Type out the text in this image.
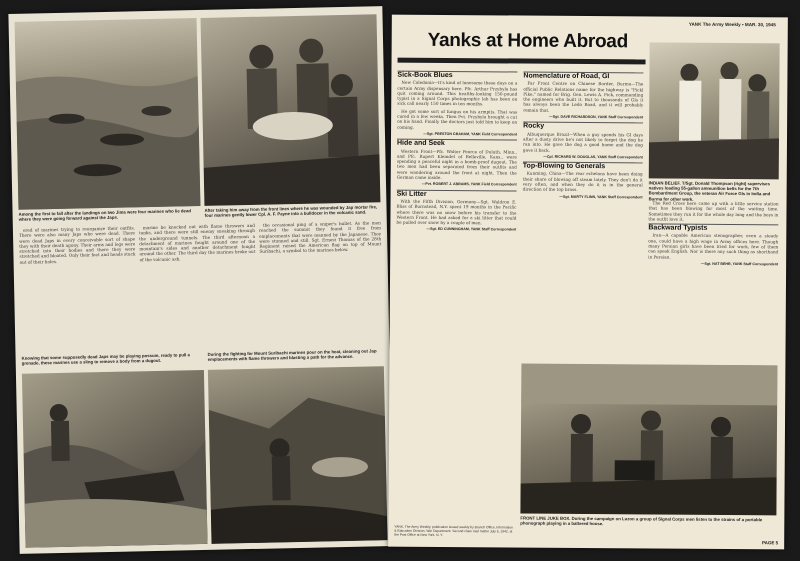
Among the first to fall after the landings on Iwo Jima were four marines who lie dead where they were going forward against the Japs.
After taking him away from the front lines where he was wounded by Jap mortar fire, four marines gently lower Cpl. A. F. Payne into a bulldozer in the volcanic sand.

ered of marines trying to reorganize their outfits. There were also many Japs who were dead. There were dead Japs in every conceivable sort of shape they with their death agony. Their arms and legs were stretched into their bodies and there they were stretched and bloated. Only their feet and heads stuck out of their holes.

marine be knocked out with flame throwers and tanks, and there were still enemy sneaking through the underground tunnels. The third afternoon a detachment of marines fought around one of the mountain's sides and another detachment fought around the other. The third day the marines broke out of the volcanic ash.

the occasional ping of a sniper's bullet. As the men reached the summit they found it free from emplacements that were manned by the Japanese. They were stunned and still. Sgt. Ernest Thomas of the 28th Regiment raised the American flag on top of Mount Suribachi, a symbol to the marines below.

Knowing that some supposedly dead Japs may be playing possum, ready to pull a grenade, these marines use a sling to remove a body from a dugout.
During the fighting for Mount Suribachi marines pour on the heat, cleaning out Jap emplacements with flame throwers and blasting a path for the advance.
YANK The Army Weekly • MAR. 30, 1945
Yanks at Home Abroad
INDIAN BELIEF. T/Sgt. Donald Thompson (right) supervises natives loading 55-gallon ammunition belts for the 7th Bombardment Group, the veteran Air Force GIs in India and Burma for other work.

Sick-Book Blues

New Caledonia—It's kind of lonesome these days on a certain Army dispensary here. Pfc. Arthur Przybyla has quit coming around. This healthy-looking 150-pound typist in a Signal Corps photographic lab has been on sick call nearly 150 times in ten months.

He got some sort of fungus on his armpits. That was cured in a few weeks. Then Pvt. Przybyla brought a cut on his hand. Finally the doctors just told him to keep on coming.

—Sgt. PRESTON GRAHAM, YANK Field Correspondent

Hide and Seek

Western Front—Pfc. Walter Pearce of Duluth, Minn., and Pfc. Rupert Kleindel of Belleville, Kans., were spending a peaceful night in a bomb-proof dugout. The two men had been separated from their outfits and were wandering around the front at night. Then the German came inside.

—Pvt. ROBERT J. ABRAMS, YANK Field Correspondent

Ski Litter

With the Fifth Division, Germany—Sgt. Waldron E. Bliss of Burnstead, N.Y. spent 19 months in the Pacific where there was no snow before his transfer to the Western Front. He had asked for a ski litter that could be pulled over snow by a couple of men.

—Sgt. ED CUNNINGHAM, YANK Staff Correspondent

Nomenclature of Road, GI

Far Front Centre on Chinese Border, Burma—The official Public Relations name for the highway is "Pickl Pike," named for Brig. Gen. Lewis A. Pick, commanding the engineers who built it. But to thousands of GIs it has always been the Ledo Road, and it will probably remain that.

—Sgt. DAVE RICHARDSON, YANK Staff Correspondent

Rocky

Albuquerque Brazil—When a guy spends his GI days after a dusty drive he's not likely to forget the dog he ran into. He gave the dog a good home and the dog gave it back.

—Cpl. RICHARD W. DOUGLAS, YANK Staff Correspondent

Top-Blowing to Generals

Kunming, China—The rear echelons have been doing their share of blowing off steam lately. They don't do it very often, and when they do it is in the general direction of the top brass.

—Sgt. MARTY FLINN, YANK Staff Correspondent

The Red Cross here came up with a little service station that has been blowing for most of the waiting time. Sometimes they run it for the whole day long and the boys in the outfit love it.

Backward Typists

Iran—A capable American stenographer, even a steady one, could have a high wage in Army offices here. Though many Persian girls have been tried for work, few of them can speak English. Nor is there any such thing as shorthand in Persian.

—Sgt. NAT BEHR, YANK Staff Correspondent

FRONT LINE JUKE BOX. During the campaign on Luzon a group of Signal Corps men listen to the strains of a portable phonograph playing in a battered house.
YANK, The Army Weekly, publication issued weekly by Branch Office, Information & Education Division, War Department. Second class mail matter July 6, 1942, at the Post Office at New York, N. Y.
PAGE 5
